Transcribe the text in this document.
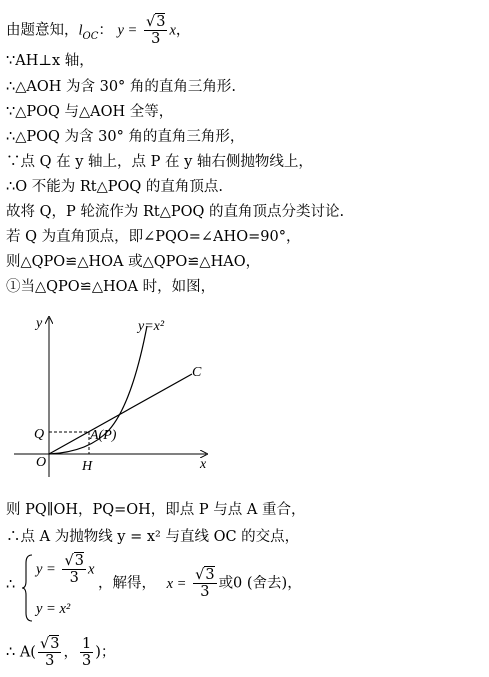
由题意知，$l_{OC}$： $y = \frac{√3}{3}$ x，
∵AH⊥x 轴，
∴△AOH 为含 30° 角的直角三角形.
∵△POQ 与△AOH 全等，
∴△POQ 为含 30° 角的直角三角形，
∵点 Q 在 y 轴上，点 P 在 y 轴右侧抛物线上，
∴O 不能为 Rt△POQ 的直角顶点.
故将 Q，P 轮流作为 Rt△POQ 的直角顶点分类讨论.
若 Q 为直角顶点，即∠PQO=∠AHO=90°，
则△QPO≌△HOA 或△QPO≌△HAO，
①当△QPO≌△HOA 时，如图，
y
x
y=x²
C
Q
O	H
A(P)
则 PQ∥OH，PQ=OH，即点 P 与点 A 重合，
∴点 A 为抛物线 y = x² 与直线 OC 的交点，
∴
$y = \frac{√3}{3}$ x
y = x²
，解得， $x = \frac{√3}{3}$ 或0 (舍去)，
∴ $A( \frac{√3}{3}$ ， $\frac{1}{3}$ )；
